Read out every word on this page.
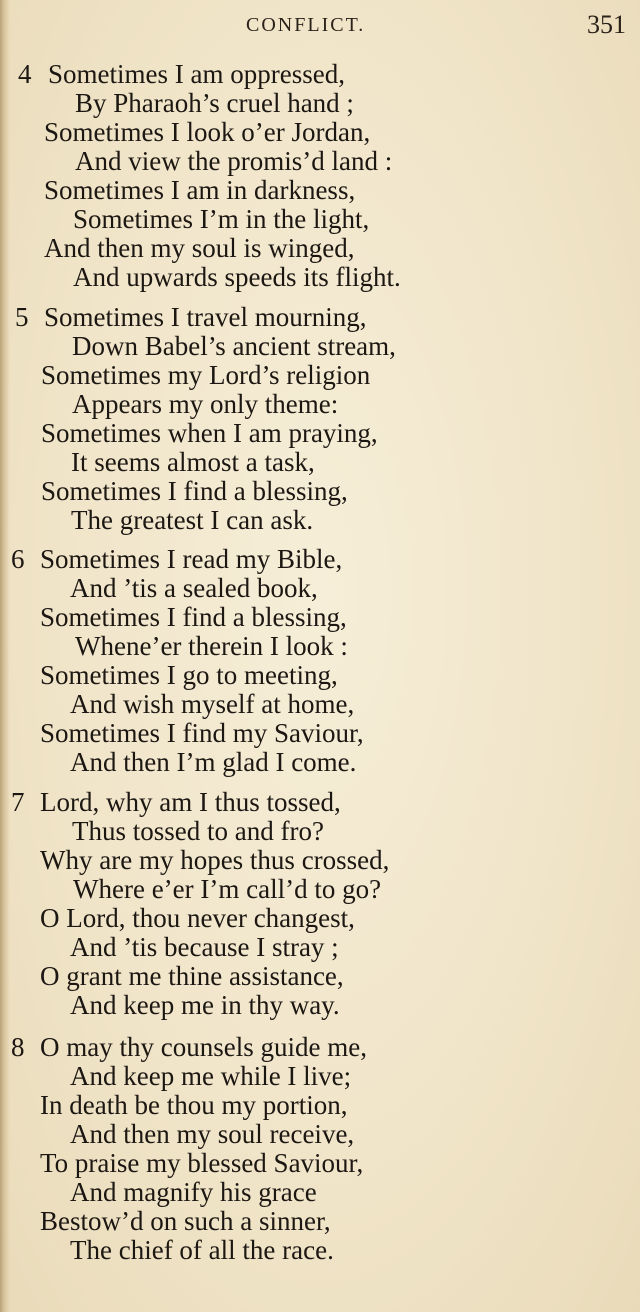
CONFLICT.	351
4 Sometimes I am oppressed,
By Pharaoh’s cruel hand ;
Sometimes I look o’er Jordan,
And view the promis’d land :
Sometimes I am in darkness,
Sometimes I’m in the light,
And then my soul is winged,
And upwards speeds its flight.
5 Sometimes I travel mourning,
Down Babel’s ancient stream,
Sometimes my Lord’s religion
Appears my only theme:
Sometimes when I am praying,
It seems almost a task,
Sometimes I find a blessing,
The greatest I can ask.
6 Sometimes I read my Bible,
And ’tis a sealed book,
Sometimes I find a blessing,
Whene’er therein I look :
Sometimes I go to meeting,
And wish myself at home,
Sometimes I find my Saviour,
And then I’m glad I come.
7 Lord, why am I thus tossed,
Thus tossed to and fro?
Why are my hopes thus crossed,
Where e’er I’m call’d to go?
O Lord, thou never changest,
And ’tis because I stray ;
O grant me thine assistance,
And keep me in thy way.
8 O may thy counsels guide me,
And keep me while I live;
In death be thou my portion,
And then my soul receive,
To praise my blessed Saviour,
And magnify his grace
Bestow’d on such a sinner,
The chief of all the race.
